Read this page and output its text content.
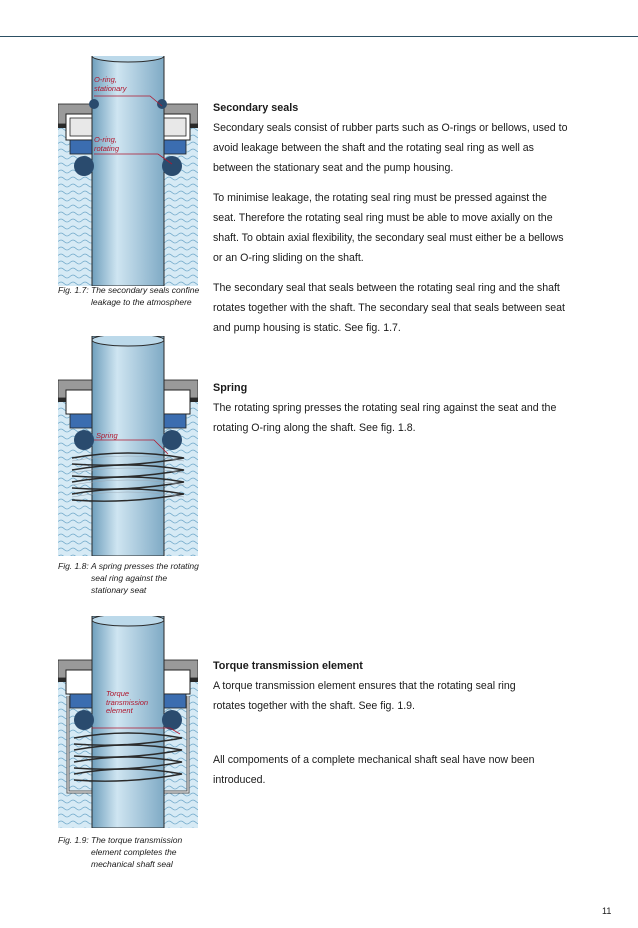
O-ring,
stationary
O-ring,
rotating
Fig. 1.7: The secondary seals confine leakage to the atmosphere
Spring
Fig. 1.8: A spring presses the rotating seal ring against the stationary seat
Torque
transmission
element
Fig. 1.9: The torque transmission element completes the mechanical shaft seal
Secondary seals

Secondary seals consist of rubber parts such as O-rings or bellows, used to avoid leakage between the shaft and the rotating seal ring as well as between the stationary seat and the pump housing.

To minimise leakage, the rotating seal ring must be pressed against the seat. Therefore the rotating seal ring must be able to move axially on the shaft. To obtain axial flexibility, the secondary seal must either be a bellows or an O-ring sliding on the shaft.

The secondary seal that seals between the rotating seal ring and the shaft rotates together with the shaft. The secondary seal that seals between seat and pump housing is static. See fig. 1.7.

Spring

The rotating spring presses the rotating seal ring against the seat and the rotating O-ring along the shaft. See fig. 1.8.

Torque transmission element

A torque transmission element ensures that the rotating seal ring rotates together with the shaft. See fig. 1.9.

All compoments of a complete mechanical shaft seal have now been introduced.

11
